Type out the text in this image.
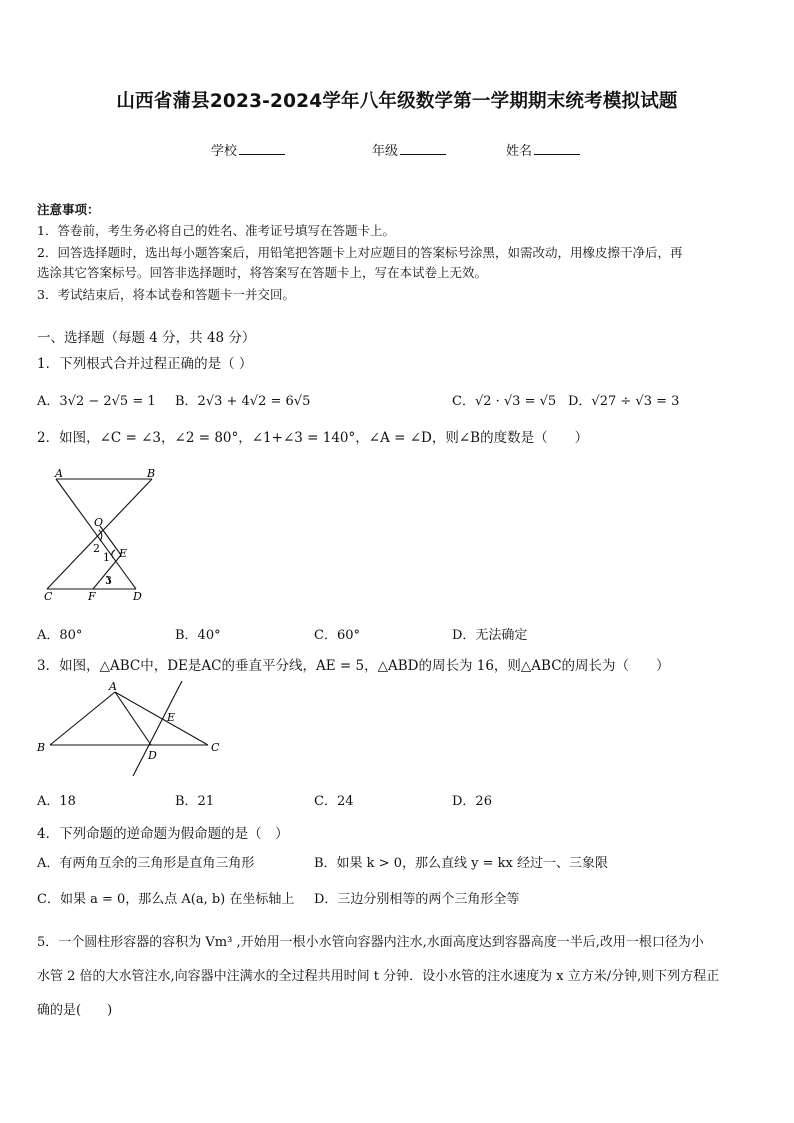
山西省蒲县2023-2024学年八年级数学第一学期期末统考模拟试题
学校	年级	姓名
注意事项：
1．答卷前，考生务必将自己的姓名、准考证号填写在答题卡上。
2．回答选择题时，选出每小题答案后，用铅笔把答题卡上对应题目的答案标号涂黑，如需改动，用橡皮擦干净后，再
选涂其它答案标号。回答非选择题时，将答案写在答题卡上，写在本试卷上无效。
3．考试结束后，将本试卷和答题卡一并交回。
一、选择题（每题 4 分，共 48 分）
1．下列根式合并过程正确的是（ ）
A．3√2 − 2√5 = 1 B．2√3 + 4√2 = 6√5	C．√2 · √3 = √5 D．√27 ÷ √3 = 3
2．如图，∠C = ∠3，∠2 = 80°，∠1+∠3 = 140°，∠A = ∠D，则∠B的度数是（　　）
A	B
O
2 E
1
3
C	F	D
A．80°	B．40°	C．60°	D．无法确定
3．如图，△ABC中，DE是AC的垂直平分线，AE = 5，△ABD的周长为 16，则△ABC的周长为（　　）
A
B	C
D
E
A．18	B．21	C．24	D．26
4．下列命题的逆命题为假命题的是（　）
A．有两角互余的三角形是直角三角形	B．如果 k > 0，那么直线 y = kx 经过一、三象限
C．如果 a = 0，那么点 A(a, b) 在坐标轴上 D．三边分别相等的两个三角形全等
5．一个圆柱形容器的容积为 Vm³ ,开始用一根小水管向容器内注水,水面高度达到容器高度一半后,改用一根口径为小
水管 2 倍的大水管注水,向容器中注满水的全过程共用时间 t 分钟．设小水管的注水速度为 x 立方米/分钟,则下列方程正
确的是(　　)
